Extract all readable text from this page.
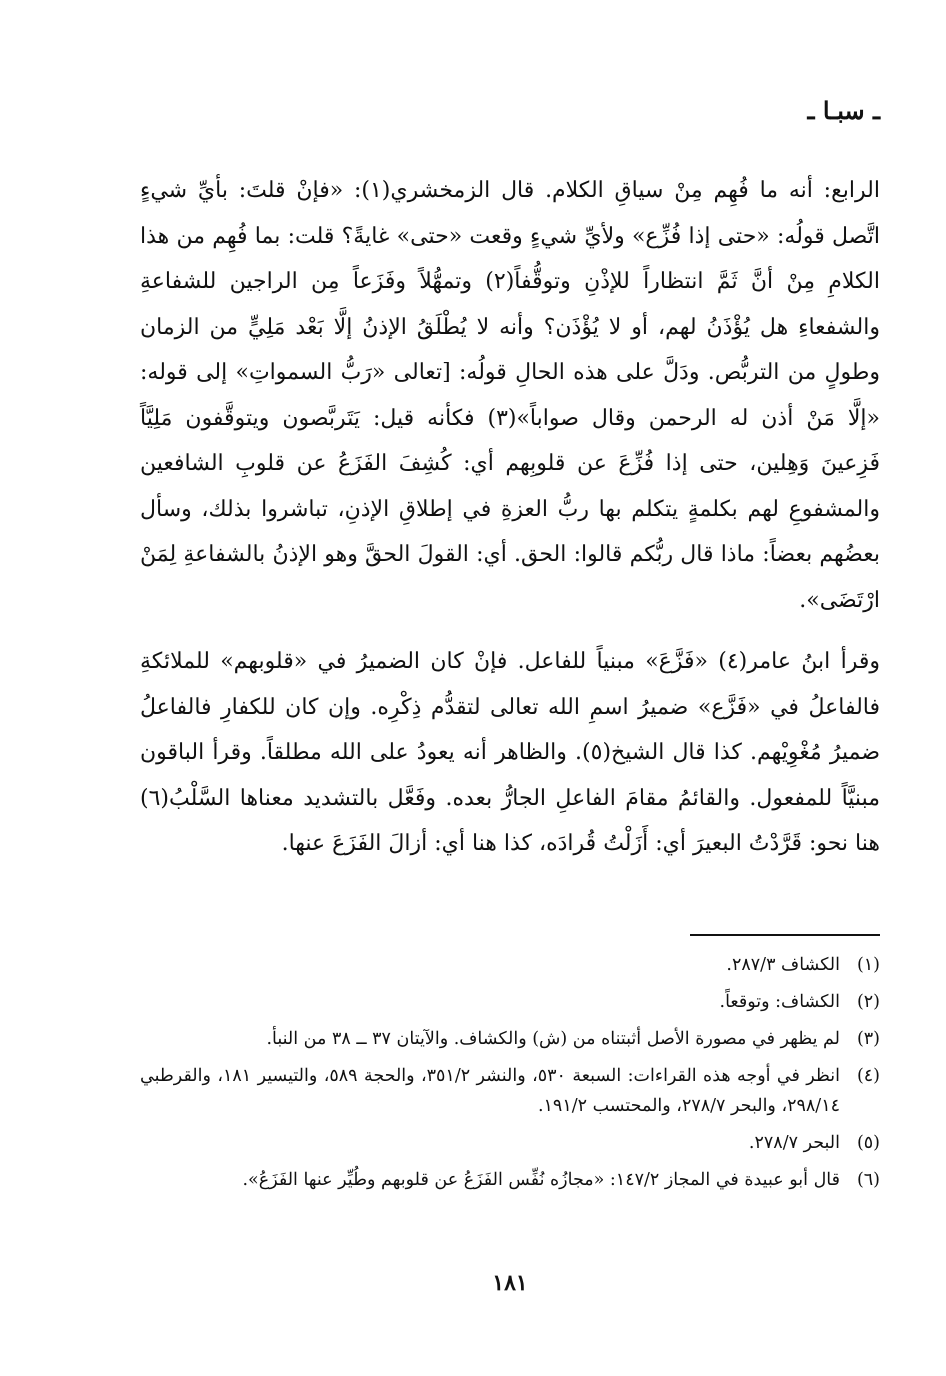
ـ سبـا ـ

الرابع: أنه ما فُهِم مِنْ سياقِ الكلام. قال الزمخشري(١): «فإنْ قلتَ: بأيِّ شيءٍ اتَّصل قولُه: «حتى إذا فُزِّع» ولأيِّ شيءٍ وقعت «حتى» غايةً؟ قلت: بما فُهِم من هذا الكلامِ مِنْ أنَّ ثَمَّ انتظاراً للإذْنِ وتوقُّفاً(٢) وتمهُّلاً وفَزَعاً مِن الراجين للشفاعةِ والشفعاءِ هل يُؤْذَنُ لهم، أو لا يُؤْذَن؟ وأنه لا يُطْلَقُ الإذنُ إلَّا بَعْد مَلِيٍّ من الزمان وطولٍ من التربُّص. ودَلَّ على هذه الحالِ قولُه: [تعالى «رَبُّ السمواتِ» إلى قوله: «إلَّا مَنْ أذن له الرحمن وقال صواباً»(٣) فكأنه قيل: يَتَربَّصون ويتوقَّفون مَلِيَّاً فَزِعينَ وَهِلين، حتى إذا فُزِّعَ عن قلوبِهم أي: كُشِفَ الفَزَعُ عن قلوبِ الشافعين والمشفوعِ لهم بكلمةٍ يتكلم بها ربُّ العزةِ في إطلاقِ الإذنِ، تباشروا بذلك، وسأل بعضُهم بعضاً: ماذا قال ربُّكم قالوا: الحق. أي: القولَ الحقَّ وهو الإذنُ بالشفاعةِ لِمَنْ ارْتَضَى».

وقرأ ابنُ عامر(٤) «فَزَّعَ» مبنياً للفاعل. فإنْ كان الضميرُ في «قلوبهم» للملائكةِ فالفاعلُ في «فَزَّع» ضميرُ اسمِ الله تعالى لتقدُّم ذِكْرِه. وإن كان للكفارِ فالفاعلُ ضميرُ مُغْوِيْهم. كذا قال الشيخ(٥). والظاهر أنه يعودُ على الله مطلقاً. وقرأ الباقون مبنيَّاً للمفعول. والقائمُ مقامَ الفاعلِ الجارُّ بعده. وفَعَّل بالتشديد معناها السَّلْبُ(٦) هنا نحو: قَرَّدْتُ البعيرَ أي: أَزَلْتُ قُرادَه، كذا هنا أي: أزالَ الفَزَعَ عنها.

(١)
الكشاف ٢٨٧/٣.
(٢)
الكشاف: وتوقعاً.
(٣)
لم يظهر في مصورة الأصل أثبتناه من (ش) والكشاف. والآيتان ٣٧ ــ ٣٨ من النبأ.
(٤)
انظر في أوجه هذه القراءات: السبعة ٥٣٠، والنشر ٣٥١/٢، والحجة ٥٨٩، والتيسير ١٨١، والقرطبي ٢٩٨/١٤، والبحر ٢٧٨/٧، والمحتسب ١٩١/٢.
(٥)
البحر ٢٧٨/٧.
(٦)
قال أبو عبيدة في المجاز ١٤٧/٢: «مجازُه نُفِّس الفَزَعُ عن قلوبهم وطُيِّر عنها الفَزَعُ».
١٨١
